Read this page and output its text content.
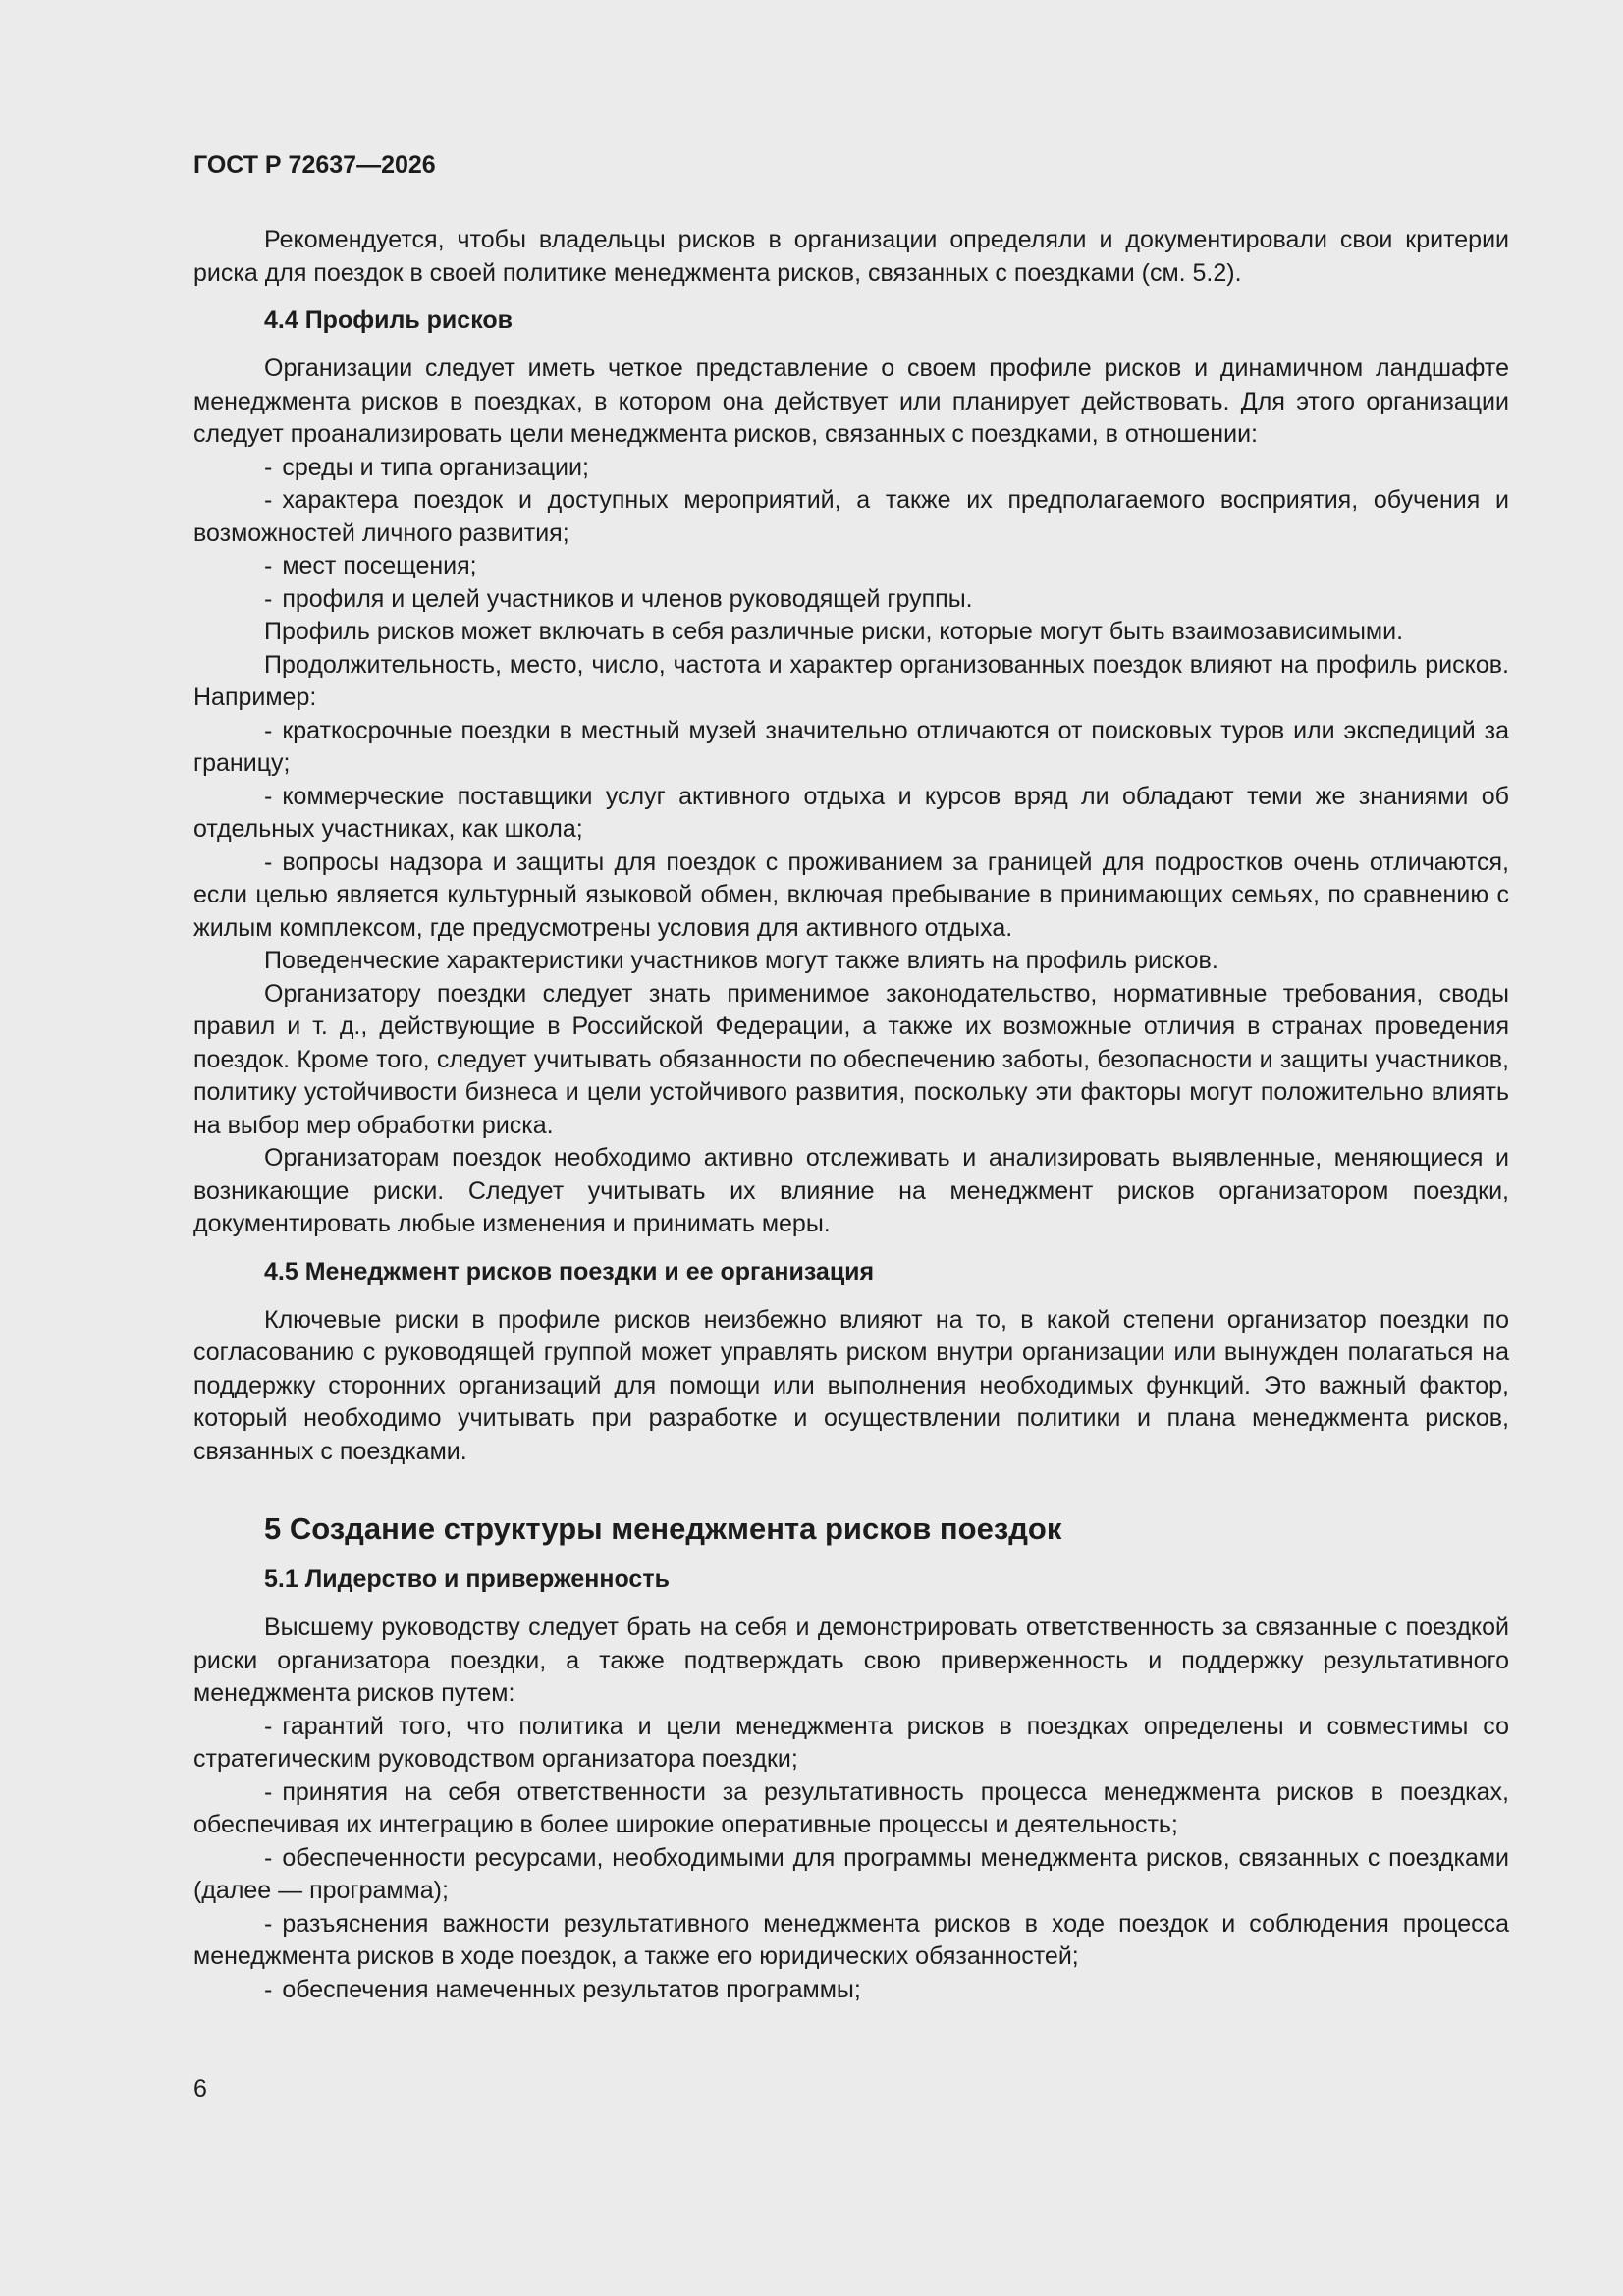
ГОСТ Р 72637—2026

Рекомендуется, чтобы владельцы рисков в организации определяли и документировали свои критерии риска для поездок в своей политике менеджмента рисков, связанных с поездками (см. 5.2).

4.4 Профиль рисков

Организации следует иметь четкое представление о своем профиле рисков и динамичном ландшафте менеджмента рисков в поездках, в котором она действует или планирует действовать. Для этого организации следует проанализировать цели менеджмента рисков, связанных с поездками, в отношении:

- среды и типа организации;

- характера поездок и доступных мероприятий, а также их предполагаемого восприятия, обучения и возможностей личного развития;

- мест посещения;

- профиля и целей участников и членов руководящей группы.

Профиль рисков может включать в себя различные риски, которые могут быть взаимозависимыми.

Продолжительность, место, число, частота и характер организованных поездок влияют на профиль рисков. Например:

- краткосрочные поездки в местный музей значительно отличаются от поисковых туров или экспедиций за границу;

- коммерческие поставщики услуг активного отдыха и курсов вряд ли обладают теми же знаниями об отдельных участниках, как школа;

- вопросы надзора и защиты для поездок с проживанием за границей для подростков очень отличаются, если целью является культурный языковой обмен, включая пребывание в принимающих семьях, по сравнению с жилым комплексом, где предусмотрены условия для активного отдыха.

Поведенческие характеристики участников могут также влиять на профиль рисков.

Организатору поездки следует знать применимое законодательство, нормативные требования, своды правил и т. д., действующие в Российской Федерации, а также их возможные отличия в странах проведения поездок. Кроме того, следует учитывать обязанности по обеспечению заботы, безопасности и защиты участников, политику устойчивости бизнеса и цели устойчивого развития, поскольку эти факторы могут положительно влиять на выбор мер обработки риска.

Организаторам поездок необходимо активно отслеживать и анализировать выявленные, меняющиеся и возникающие риски. Следует учитывать их влияние на менеджмент рисков организатором поездки, документировать любые изменения и принимать меры.

4.5 Менеджмент рисков поездки и ее организация

Ключевые риски в профиле рисков неизбежно влияют на то, в какой степени организатор поездки по согласованию с руководящей группой может управлять риском внутри организации или вынужден полагаться на поддержку сторонних организаций для помощи или выполнения необходимых функций. Это важный фактор, который необходимо учитывать при разработке и осуществлении политики и плана менеджмента рисков, связанных с поездками.

5 Создание структуры менеджмента рисков поездок
5.1 Лидерство и приверженность

Высшему руководству следует брать на себя и демонстрировать ответственность за связанные с поездкой риски организатора поездки, а также подтверждать свою приверженность и поддержку результативного менеджмента рисков путем:

- гарантий того, что политика и цели менеджмента рисков в поездках определены и совместимы со стратегическим руководством организатора поездки;

- принятия на себя ответственности за результативность процесса менеджмента рисков в поездках, обеспечивая их интеграцию в более широкие оперативные процессы и деятельность;

- обеспеченности ресурсами, необходимыми для программы менеджмента рисков, связанных с поездками (далее — программа);

- разъяснения важности результативного менеджмента рисков в ходе поездок и соблюдения процесса менеджмента рисков в ходе поездок, а также его юридических обязанностей;

- обеспечения намеченных результатов программы;

6
